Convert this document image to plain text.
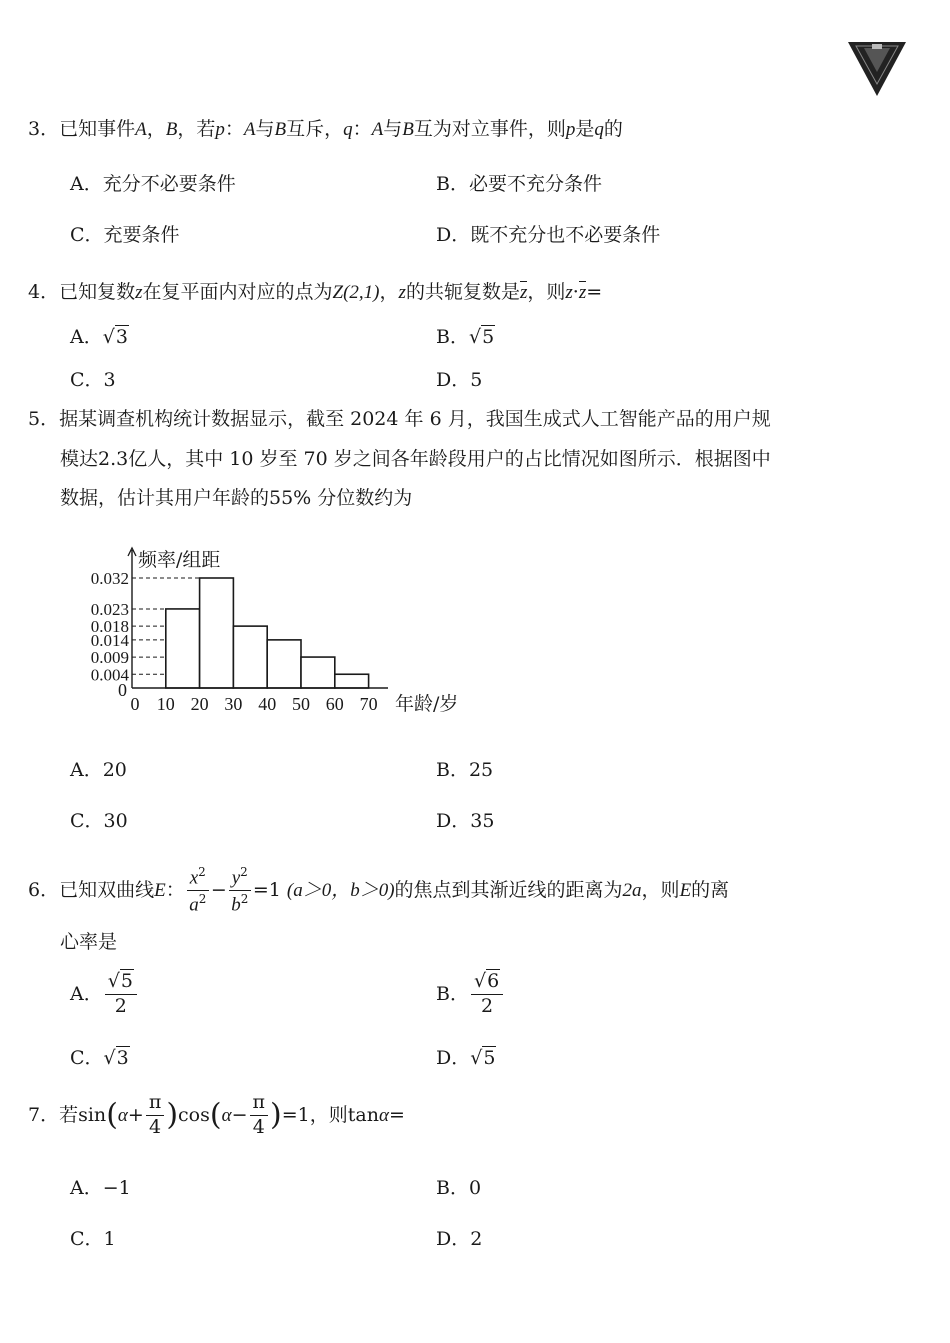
3．已知事件A，B，若p：A与B互斥，q：A与B互为对立事件，则p是q的
A．充分不必要条件	B．必要不充分条件
C．充要条件	D．既不充分也不必要条件
4．已知复数z在复平面内对应的点为Z(2,1)，z的共轭复数是z，则z·z=
A．√3	B．√5
C．3	D．5
5．据某调查机构统计数据显示，截至 2024 年 6 月，我国生成式人工智能产品的用户规
模达2.3亿人，其中 10 岁至 70 岁之间各年龄段用户的占比情况如图所示．根据图中
数据，估计其用户年龄的55% 分位数约为
0.032
0.023
0.018
0.014
0.009
0.004
0 10 20 30 40 50 60 70
频率/组距
年龄/岁
0
A．20	B．25
C．30	D．35
6．已知双曲线E： $\frac{x^2}{a^2} - \frac{y^2}{b^2} =1$ (a＞0，b＞0)的焦点到其渐近线的距离为2a，则E的离
心率是
A． $\frac{√5}{2}$	B． $\frac{√6}{2}$
C．√3	D．√5
7．若$\sin(\alpha+ \frac{\pi}{4} )\cos(\alpha- \frac{\pi}{4} )=1$，则tanα=
A．−1	B．0
C．1	D．2
